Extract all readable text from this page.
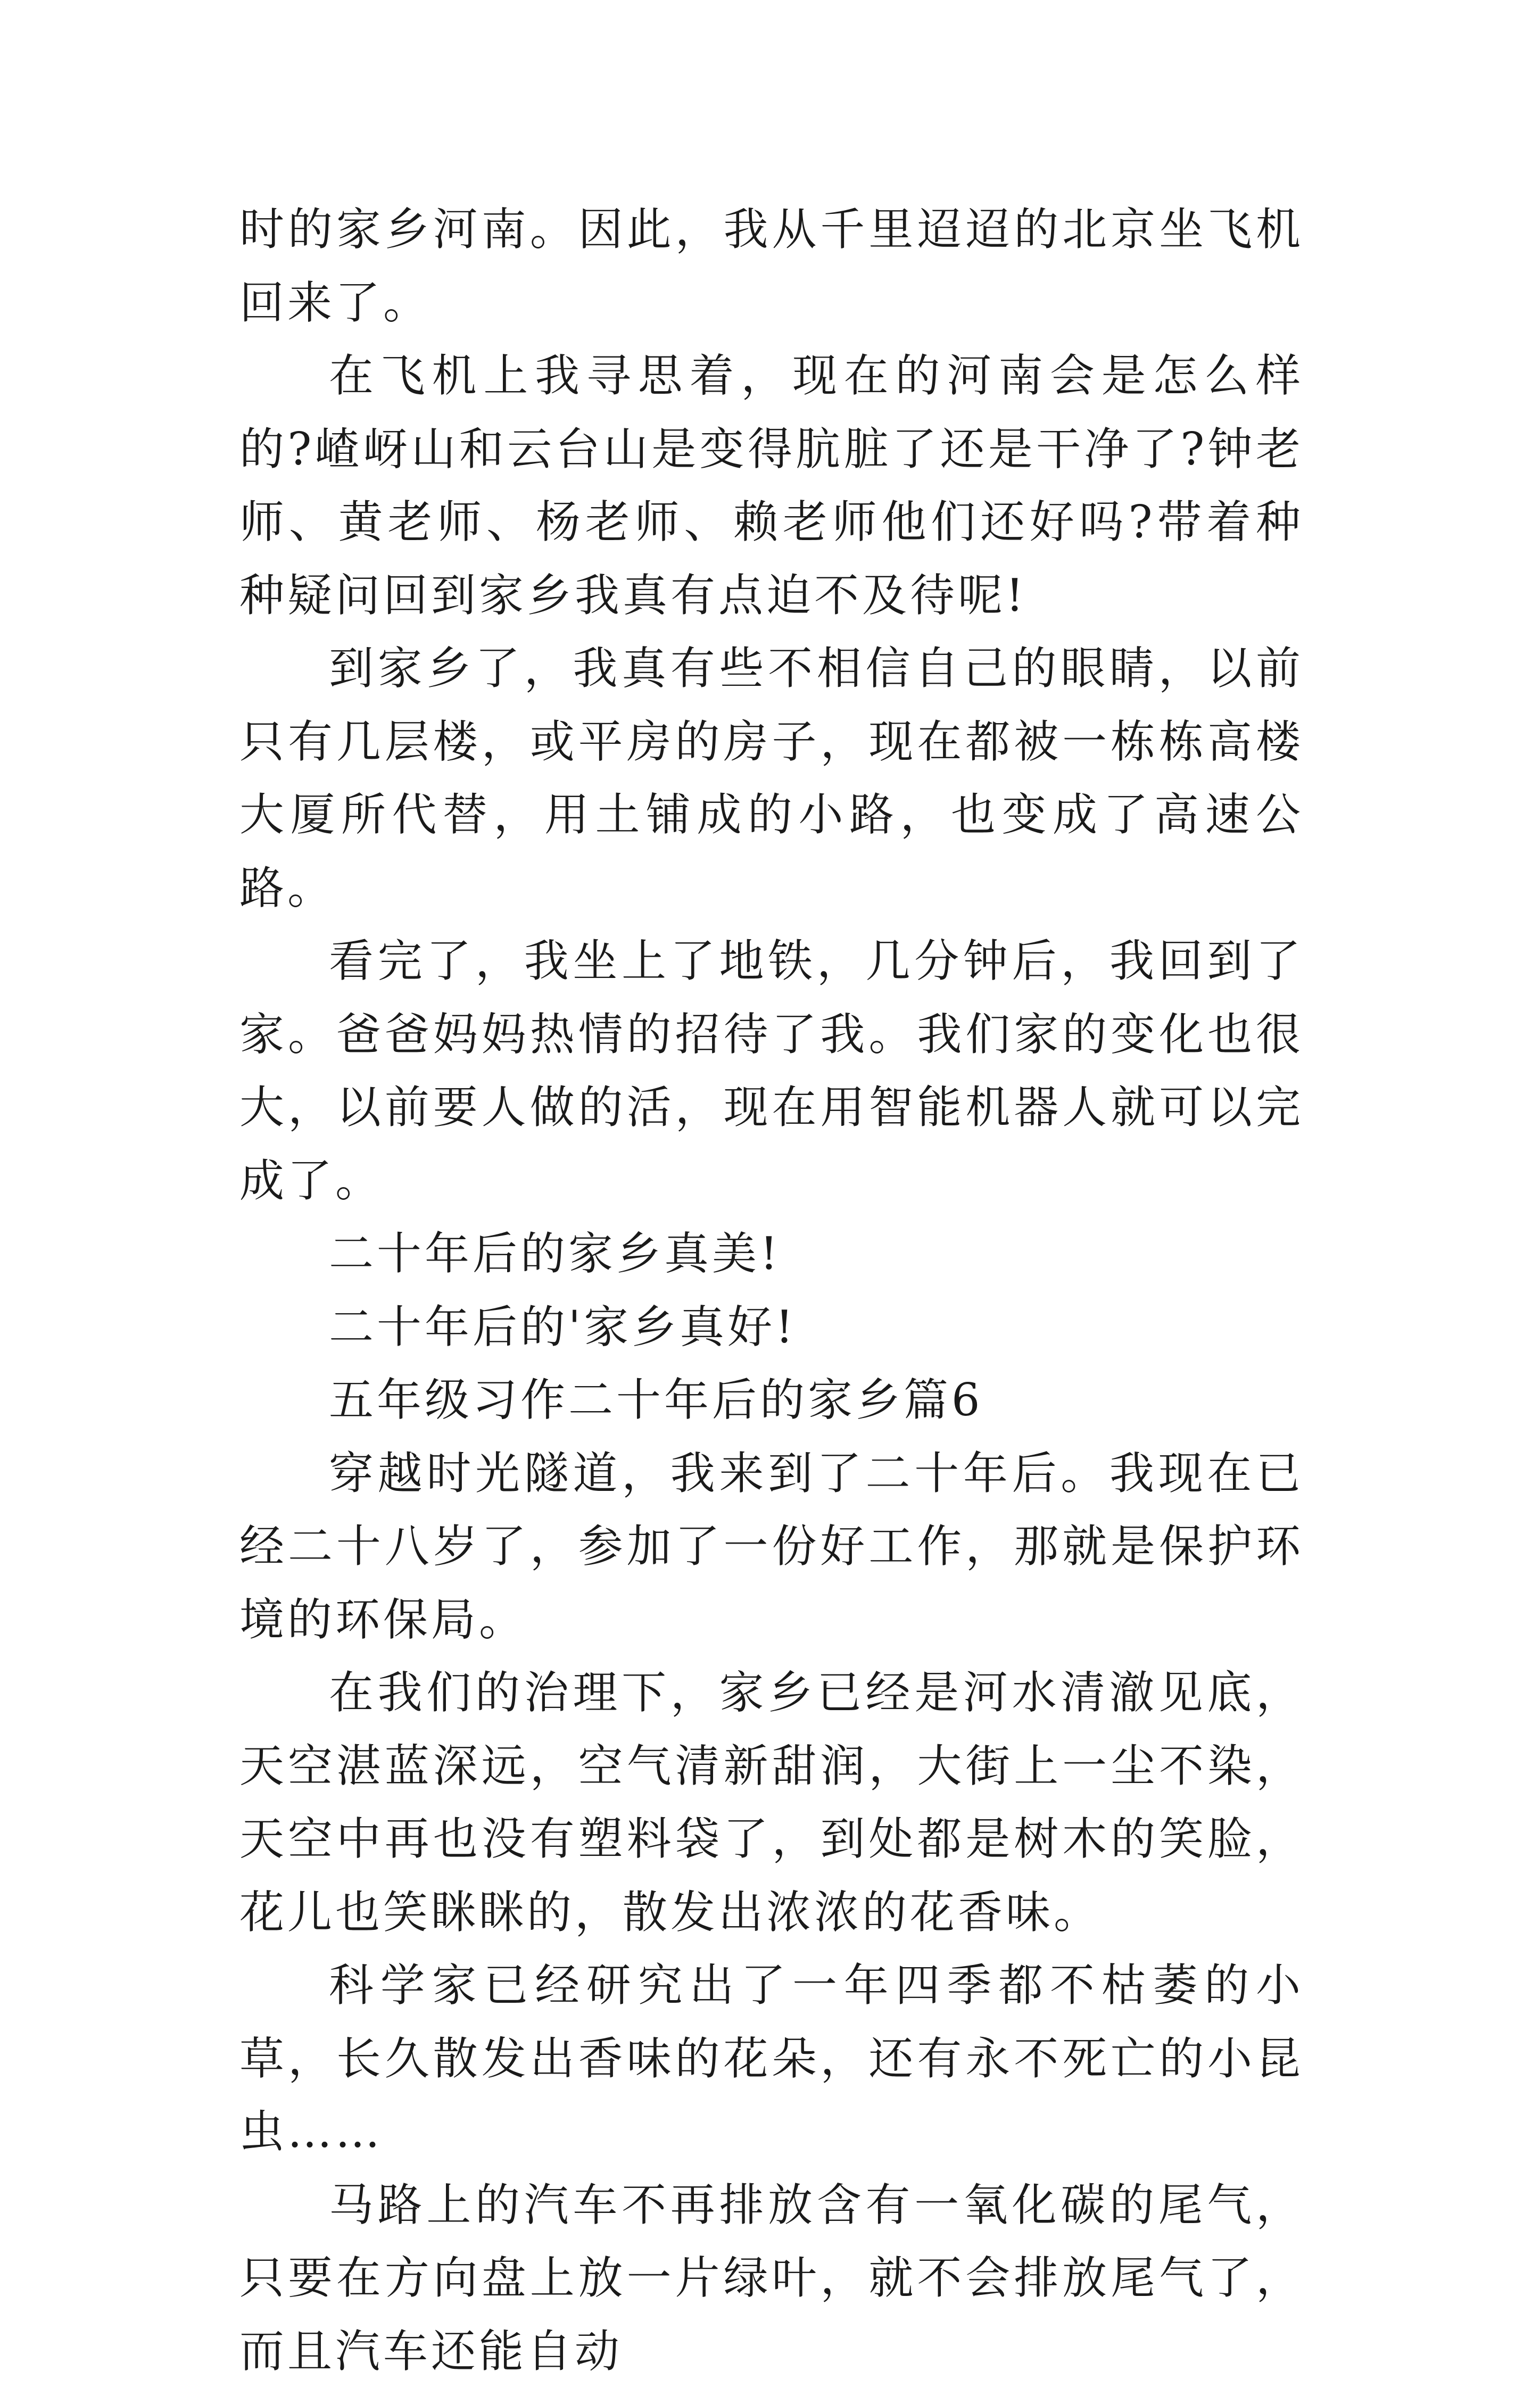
时的家乡河南。因此，我从千里迢迢的北京坐飞机回来了。

在飞机上我寻思着，现在的河南会是怎么样的?嵖岈山和云台山是变得肮脏了还是干净了?钟老师、黄老师、杨老师、赖老师他们还好吗?带着种种疑问回到家乡我真有点迫不及待呢!

到家乡了，我真有些不相信自己的眼睛，以前只有几层楼，或平房的房子，现在都被一栋栋高楼大厦所代替，用土铺成的小路，也变成了高速公路。

看完了，我坐上了地铁，几分钟后，我回到了家。爸爸妈妈热情的招待了我。我们家的变化也很大，以前要人做的活，现在用智能机器人就可以完成了。

二十年后的家乡真美!

二十年后的'家乡真好!

五年级习作二十年后的家乡篇6

穿越时光隧道，我来到了二十年后。我现在已经二十八岁了，参加了一份好工作，那就是保护环境的环保局。

在我们的治理下，家乡已经是河水清澈见底，天空湛蓝深远，空气清新甜润，大街上一尘不染，天空中再也没有塑料袋了，到处都是树木的笑脸，花儿也笑眯眯的，散发出浓浓的花香味。

科学家已经研究出了一年四季都不枯萎的小草，长久散发出香味的花朵，还有永不死亡的小昆虫……

马路上的汽车不再排放含有一氧化碳的尾气，只要在方向盘上放一片绿叶，就不会排放尾气了，而且汽车还能自动
